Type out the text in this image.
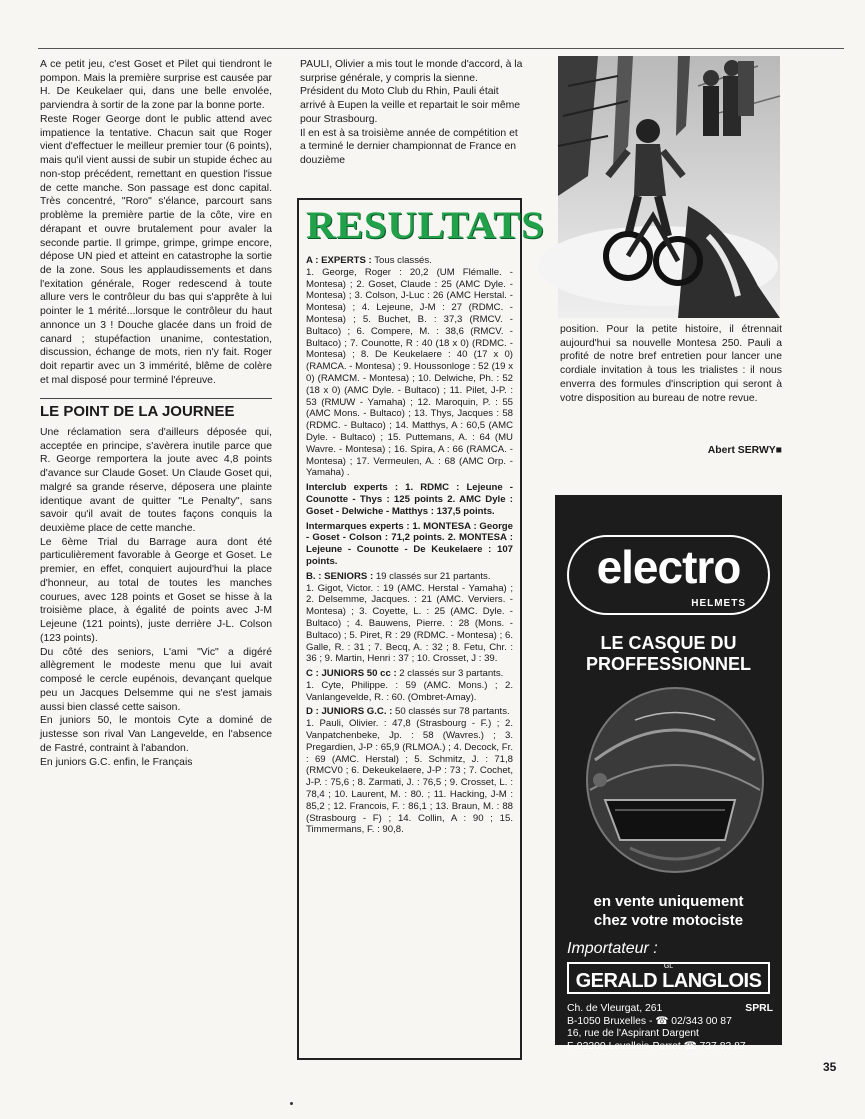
A ce petit jeu, c'est Goset et Pilet qui tiendront le pompon. Mais la première surprise est causée par H. De Keukelaer qui, dans une belle envolée, parviendra à sortir de la zone par la bonne porte.

Reste Roger George dont le public attend avec impatience la tentative. Chacun sait que Roger vient d'effectuer le meilleur premier tour (6 points), mais qu'il vient aussi de subir un stupide échec au non-stop précédent, remettant en question l'issue de cette manche. Son passage est donc capital. Très concentré, "Roro" s'élance, parcourt sans problème la première partie de la côte, vire en dérapant et ouvre brutalement pour avaler la seconde partie. Il grimpe, grimpe, grimpe encore, dépose UN pied et atteint en catastrophe la sortie de la zone. Sous les applaudissements et dans l'exitation générale, Roger redescend à toute allure vers le contrôleur du bas qui s'apprête à lui pointer le 1 mérité...lorsque le contrôleur du haut annonce un 3 ! Douche glacée dans un froid de canard ; stupéfaction unanime, contestation, discussion, échange de mots, rien n'y fait. Roger doit repartir avec un 3 immérité, blême de colère et mal disposé pour terminé l'épreuve.

LE POINT DE LA JOURNEE

Une réclamation sera d'ailleurs déposée qui, acceptée en principe, s'avèrera inutile parce que R. George remportera la joute avec 4,8 points d'avance sur Claude Goset. Un Claude Goset qui, malgré sa grande réserve, déposera une plainte identique avant de quitter "Le Penalty", sans savoir qu'il avait de toutes façons conquis la deuxième place de cette manche.

Le 6ème Trial du Barrage aura dont été particulièrement favorable à George et Goset. Le premier, en effet, conquiert aujourd'hui la place d'honneur, au total de toutes les manches courues, avec 128 points et Goset se hisse à la troisième place, à égalité de points avec J-M Lejeune (121 points), juste derrière J-L. Colson (123 points).

Du côté des seniors, L'ami "Vic" a digéré allègrement le modeste menu que lui avait composé le cercle eupénois, devançant quelque peu un Jacques Delsemme qui ne s'est jamais aussi bien classé cette saison.

En juniors 50, le montois Cyte a dominé de justesse son rival Van Langevelde, en l'absence de Fastré, contraint à l'abandon.

En juniors G.C. enfin, le Français

PAULI, Olivier a mis tout le monde d'accord, à la surprise générale, y compris la sienne. Président du Moto Club du Rhin, Pauli était arrivé à Eupen la veille et repartait le soir même pour Strasbourg.

Il en est à sa troisième année de compétition et a terminé le dernier championnat de France en douzième

RESULTATS

A : EXPERTS : Tous classés.
1. George, Roger : 20,2 (UM Flémalle. - Montesa) ; 2. Goset, Claude : 25 (AMC Dyle. - Montesa) ; 3. Colson, J-Luc : 26 (AMC Herstal. - Montesa) ; 4. Lejeune, J-M : 27 (RDMC. - Montesa) ; 5. Buchet, B. : 37,3 (RMCV. - Bultaco) ; 6. Compere, M. : 38,6 (RMCV. - Bultaco) ; 7. Counotte, R : 40 (18 x 0) (RDMC. - Montesa) ; 8. De Keukelaere : 40 (17 x 0) (RAMCA. - Montesa) ; 9. Houssonloge : 52 (19 x 0) (RAMCM. - Montesa) ; 10. Delwiche, Ph. : 52 (18 x 0) (AMC Dyle. - Bultaco) ; 11. Pilet, J-P. : 53 (RMUW - Yamaha) ; 12. Maroquin, P. : 55 (AMC Mons. - Bultaco) ; 13. Thys, Jacques : 58 (RDMC. - Bultaco) ; 14. Matthys, A : 60,5 (AMC Dyle. - Bultaco) ; 15. Puttemans, A. : 64 (MU Wavre. - Montesa) ; 16. Spira, A : 66 (RAMCA. - Montesa) ; 17. Vermeulen, A. : 68 (AMC Orp. - Yamaha) .

Interclub experts : 1. RDMC : Lejeune - Counotte - Thys : 125 points 2. AMC Dyle : Goset - Delwiche - Matthys : 137,5 points.

Intermarques experts : 1. MONTESA : George - Goset - Colson : 71,2 points. 2. MONTESA : Lejeune - Counotte - De Keukelaere : 107 points.

B. : SENIORS : 19 classés sur 21 partants.
1. Gigot, Victor. : 19 (AMC. Herstal - Yamaha) ; 2. Delsemme, Jacques. : 21 (AMC. Verviers. - Montesa) ; 3. Coyette, L. : 25 (AMC. Dyle. - Bultaco) ; 4. Bauwens, Pierre. : 28 (Mons. - Bultaco) ; 5. Piret, R : 29 (RDMC. - Montesa) ; 6. Galle, R. : 31 ; 7. Becq, A. : 32 ; 8. Fetu, Chr. : 36 ; 9. Martin, Henri : 37 ; 10. Crosset, J : 39.

C : JUNIORS 50 cc : 2 classés sur 3 partants.
1. Cyte, Philippe. : 59 (AMC. Mons.) ; 2. Vanlangevelde, R. : 60. (Ombret-Amay).

D : JUNIORS G.C. : 50 classés sur 78 partants.
1. Pauli, Olivier. : 47,8 (Strasbourg - F.) ; 2. Vanpatchenbeke, Jp. : 58 (Wavres.) ; 3. Pregardien, J-P : 65,9 (RLMOA.) ; 4. Decock, Fr. : 69 (AMC. Herstal) ; 5. Schmitz, J. : 71,8 (RMCV0 ; 6. Dekeukelaere, J-P : 73 ; 7. Cochet, J-P. : 75,6 ; 8. Zarmati, J. : 76,5 ; 9. Crosset, L. : 78,4 ; 10. Laurent, M. : 80. ; 11. Hacking, J-M : 85,2 ; 12. Francois, F. : 86,1 ; 13. Braun, M. : 88 (Strasbourg - F) ; 14. Collin, A : 90 ; 15. Timmermans, F. : 90,8.

position. Pour la petite histoire, il étrennait aujourd'hui sa nouvelle Montesa 250. Pauli a profité de notre bref entretien pour lancer une cordiale invitation à tous les trialistes : il nous enverra des formules d'inscription qui seront à votre disposition au bureau de notre revue.

Abert SERWY■
electro
HELMETS
LE CASQUE DU
PROFFESSIONNEL
en vente uniquement
chez votre motociste
Importateur :
GL
GERALD LANGLOIS
Ch. de Vleurgat, 261	SPRL
B-1050 Bruxelles - ☎ 02/343 00 87
16, rue de l'Aspirant Dargent
F-92300 Levallois-Perret ☎ 737 83 87
35
